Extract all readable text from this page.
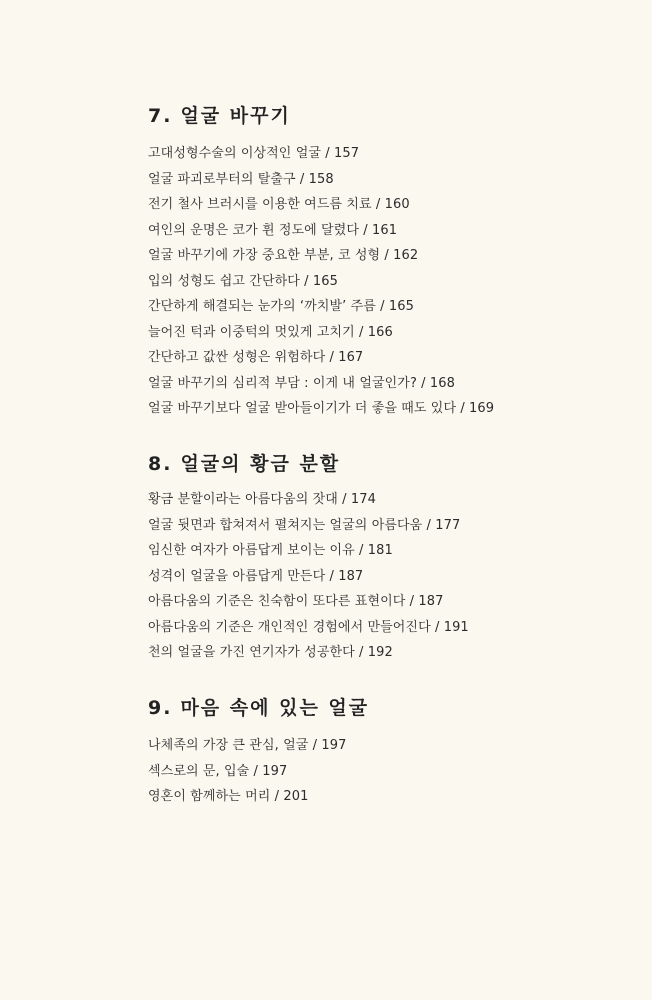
7. 얼굴 바꾸기
고대성형수술의 이상적인 얼굴 / 157
얼굴 파괴로부터의 탈출구 / 158
전기 철사 브러시를 이용한 여드름 치료 / 160
여인의 운명은 코가 휜 정도에 달렸다 / 161
얼굴 바꾸기에 가장 중요한 부분, 코 성형 / 162
입의 성형도 쉽고 간단하다 / 165
간단하게 해결되는 눈가의 ‘까치발’ 주름 / 165
늘어진 턱과 이중턱의 멋있게 고치기 / 166
간단하고 값싼 성형은 위험하다 / 167
얼굴 바꾸기의 심리적 부담 : 이게 내 얼굴인가? / 168
얼굴 바꾸기보다 얼굴 받아들이기가 더 좋을 때도 있다 / 169
8. 얼굴의 황금 분할
황금 분할이라는 아름다움의 잣대 / 174
얼굴 뒷면과 합쳐져서 펼쳐지는 얼굴의 아름다움 / 177
임신한 여자가 아름답게 보이는 이유 / 181
성격이 얼굴을 아름답게 만든다 / 187
아름다움의 기준은 친숙함이 또다른 표현이다 / 187
아름다움의 기준은 개인적인 경험에서 만들어진다 / 191
천의 얼굴을 가진 연기자가 성공한다 / 192
9. 마음 속에 있는 얼굴
나체족의 가장 큰 관심, 얼굴 / 197
섹스로의 문, 입술 / 197
영혼이 함께하는 머리 / 201
